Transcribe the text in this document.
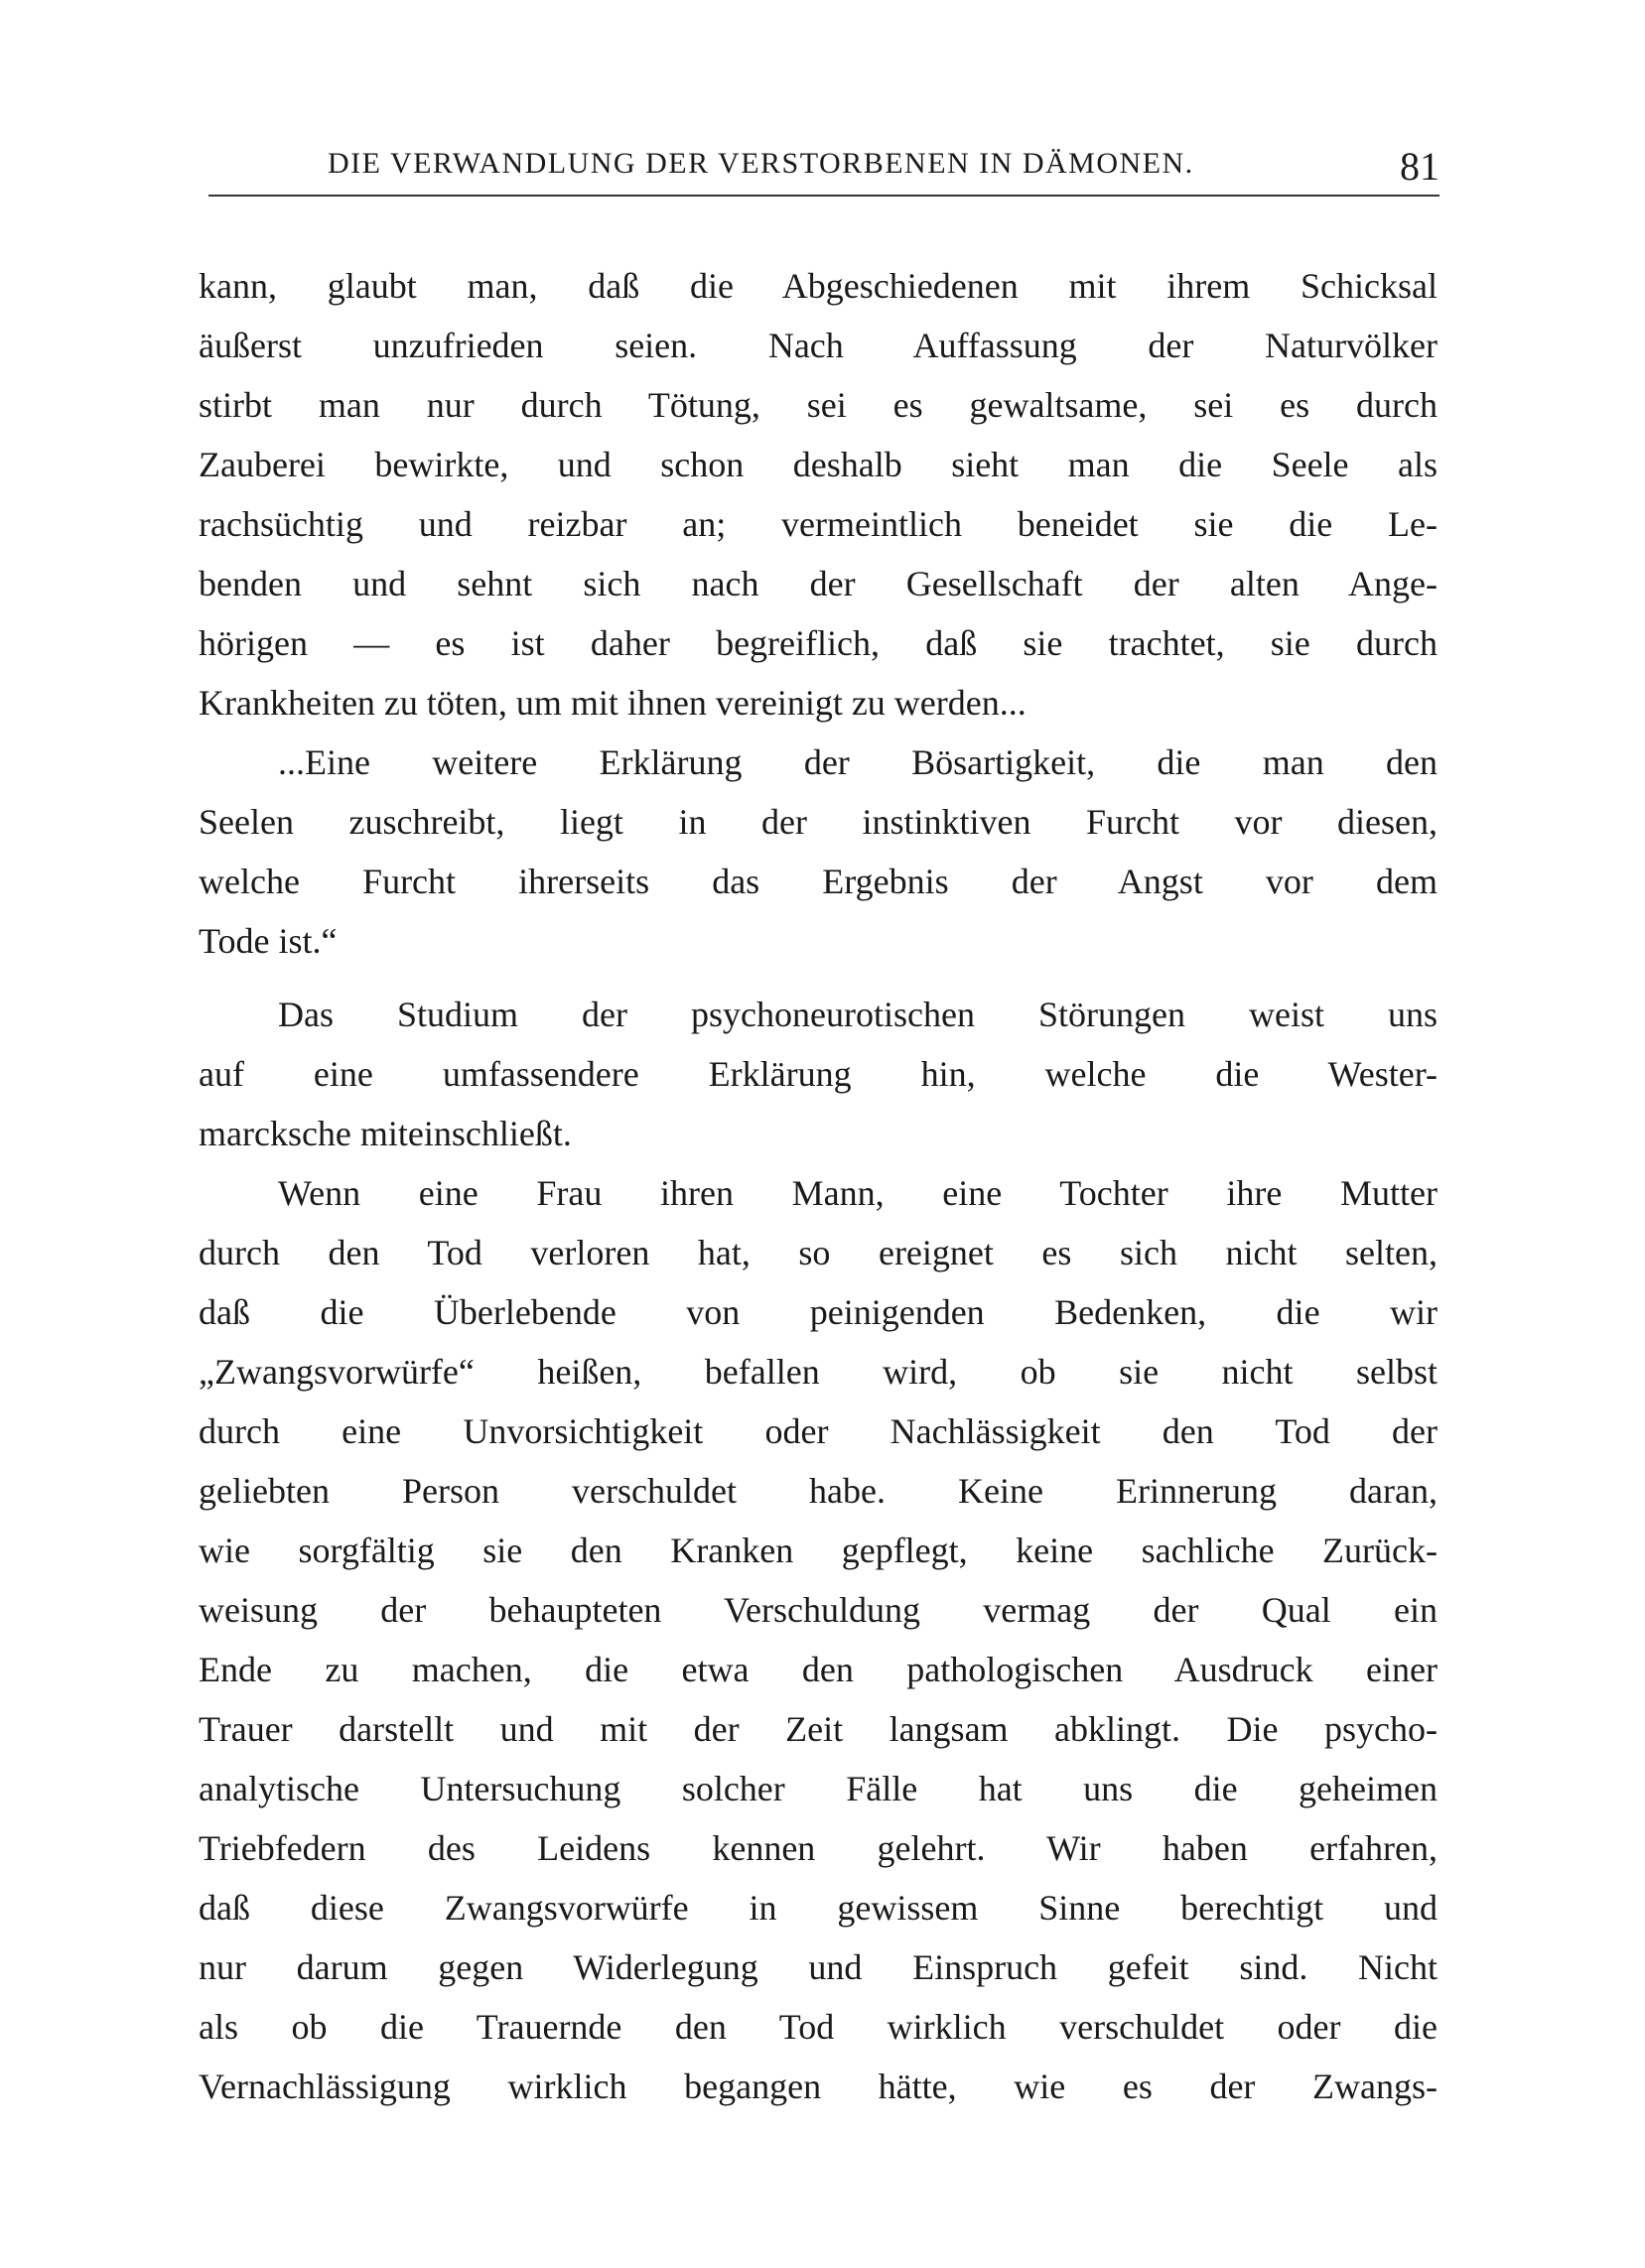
DIE VERWANDLUNG DER VERSTORBENEN IN DÄMONEN.	81
kann, glaubt man, daß die Abgeschiedenen mit ihrem Schicksal
äußerst unzufrieden seien. Nach Auffassung der Naturvölker
stirbt man nur durch Tötung, sei es gewaltsame, sei es durch
Zauberei bewirkte, und schon deshalb sieht man die Seele als
rachsüchtig und reizbar an; vermeintlich beneidet sie die Le-
benden und sehnt sich nach der Gesellschaft der alten Ange-
hörigen — es ist daher begreiflich, daß sie trachtet, sie durch
Krankheiten zu töten, um mit ihnen vereinigt zu werden...
...Eine weitere Erklärung der Bösartigkeit, die man den
Seelen zuschreibt, liegt in der instinktiven Furcht vor diesen,
welche Furcht ihrerseits das Ergebnis der Angst vor dem
Tode ist.“
Das Studium der psychoneurotischen Störungen weist uns
auf eine umfassendere Erklärung hin, welche die Wester-
marcksche miteinschließt.
Wenn eine Frau ihren Mann, eine Tochter ihre Mutter
durch den Tod verloren hat, so ereignet es sich nicht selten,
daß die Überlebende von peinigenden Bedenken, die wir
„Zwangsvorwürfe“ heißen, befallen wird, ob sie nicht selbst
durch eine Unvorsichtigkeit oder Nachlässigkeit den Tod der
geliebten Person verschuldet habe. Keine Erinnerung daran,
wie sorgfältig sie den Kranken gepflegt, keine sachliche Zurück-
weisung der behaupteten Verschuldung vermag der Qual ein
Ende zu machen, die etwa den pathologischen Ausdruck einer
Trauer darstellt und mit der Zeit langsam abklingt. Die psycho-
analytische Untersuchung solcher Fälle hat uns die geheimen
Triebfedern des Leidens kennen gelehrt. Wir haben erfahren,
daß diese Zwangsvorwürfe in gewissem Sinne berechtigt und
nur darum gegen Widerlegung und Einspruch gefeit sind. Nicht
als ob die Trauernde den Tod wirklich verschuldet oder die
Vernachlässigung wirklich begangen hätte, wie es der Zwangs-
